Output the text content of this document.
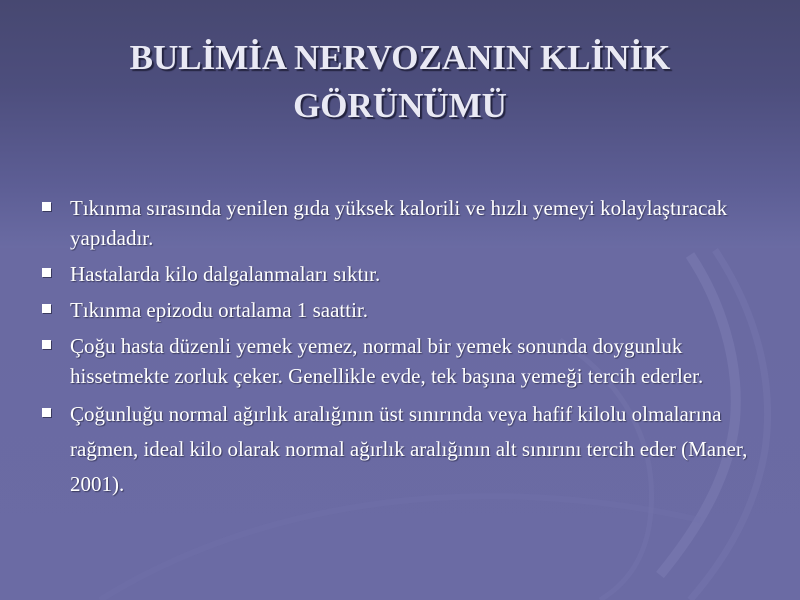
BULİMİA NERVOZANIN KLİNİK GÖRÜNÜMÜ
Tıkınma sırasında yenilen gıda yüksek kalorili ve hızlı yemeyi kolaylaştıracak yapıdadır.
Hastalarda kilo dalgalanmaları sıktır.
Tıkınma epizodu ortalama 1 saattir.
Çoğu hasta düzenli yemek yemez, normal bir yemek sonunda doygunluk hissetmekte zorluk çeker. Genellikle evde, tek başına yemeği tercih ederler.
Çoğunluğu normal ağırlık aralığının üst sınırında veya hafif kilolu olmalarına rağmen, ideal kilo olarak normal ağırlık aralığının alt sınırını tercih eder (Maner, 2001).
